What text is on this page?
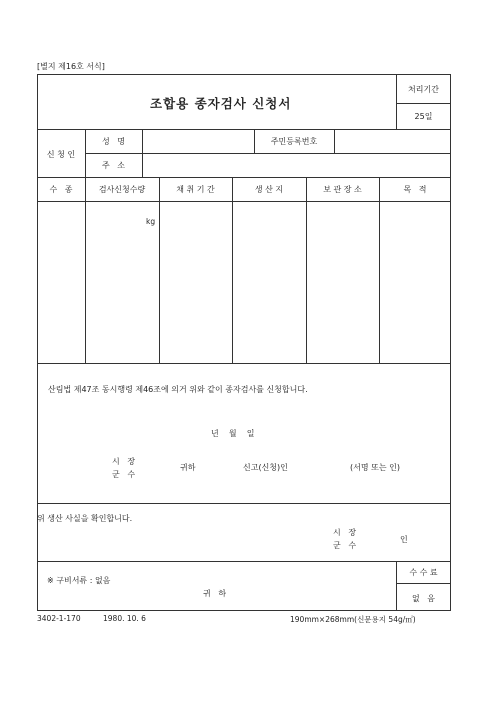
[별지 제16호 서식]
조합용 종자검사 신청서
처리기간
25일
신 청 인
성   명	주민등록번호
주   소
수   종	검사신청수량	채 취 기 간	생 산 지	보 관 장 소	목   적
kg
산림법 제47조 동시행령 제46조에 의거 위와 같이 종자검사를 신청합니다.
년    월    일
시   장
군   수
귀하	신고(신청)인	(서명 또는 인)
위 생산 사실을 확인합니다.
시   장
군   수
인
※ 구비서류 : 없음
귀   하
수 수 료
없   음
3402-1-170	1980. 10. 6	190mm×268mm(신문용지 54g/㎡)
